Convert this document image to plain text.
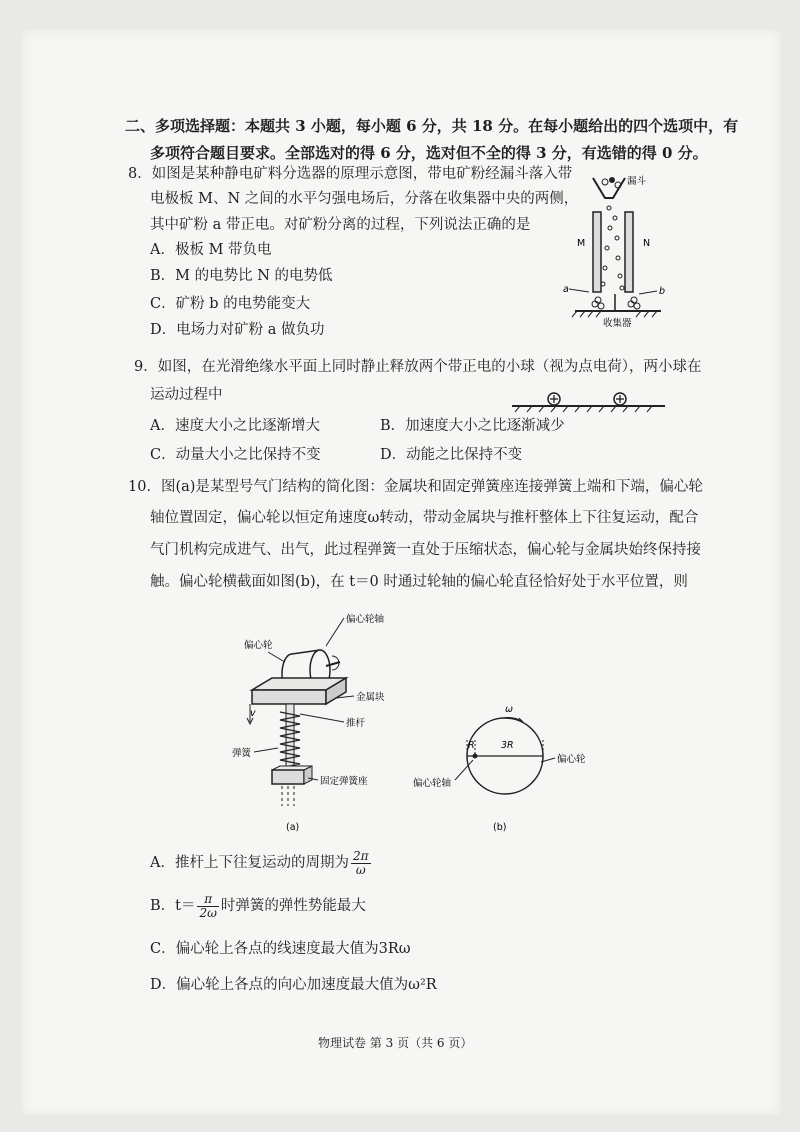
二、多项选择题：本题共 3 小题，每小题 6 分，共 18 分。在每小题给出的四个选项中，有
多项符合题目要求。全部选对的得 6 分，选对但不全的得 3 分，有选错的得 0 分。
8．如图是某种静电矿料分选器的原理示意图，带电矿粉经漏斗落入带
电极板 M、N 之间的水平匀强电场后，分落在收集器中央的两侧，
其中矿粉 a 带正电。对矿粉分离的过程，下列说法正确的是
A．极板 M 带负电
B．M 的电势比 N 的电势低
C．矿粉 b 的电势能变大
D．电场力对矿粉 a 做负功
漏斗
M	N
a	b
收集器
9．如图，在光滑绝缘水平面上同时静止释放两个带正电的小球（视为点电荷），两小球在
运动过程中
A．速度大小之比逐渐增大	B．加速度大小之比逐渐减少
C．动量大小之比保持不变	D．动能之比保持不变
10．图(a)是某型号气门结构的简化图：金属块和固定弹簧座连接弹簧上端和下端，偏心轮
轴位置固定，偏心轮以恒定角速度ω转动，带动金属块与推杆整体上下往复运动，配合
气门机构完成进气、出气，此过程弹簧一直处于压缩状态，偏心轮与金属块始终保持接
触。偏心轮横截面如图(b)，在 t＝0 时通过轮轴的偏心轮直径恰好处于水平位置，则
偏心轮轴
偏心轮
金属块
v
推杆
弹簧
固定弹簧座
(a)
ω
R	3R
偏心轮轴
偏心轮
(b)
A．推杆上下往复运动的周期为 $\frac{2\pi}{\omega}$
B．$t= \frac{\pi}{2\omega}$ 时弹簧的弹性势能最大
C．偏心轮上各点的线速度最大值为3Rω
D．偏心轮上各点的向心加速度最大值为ω²R
物理试卷 第 3 页（共 6 页）
